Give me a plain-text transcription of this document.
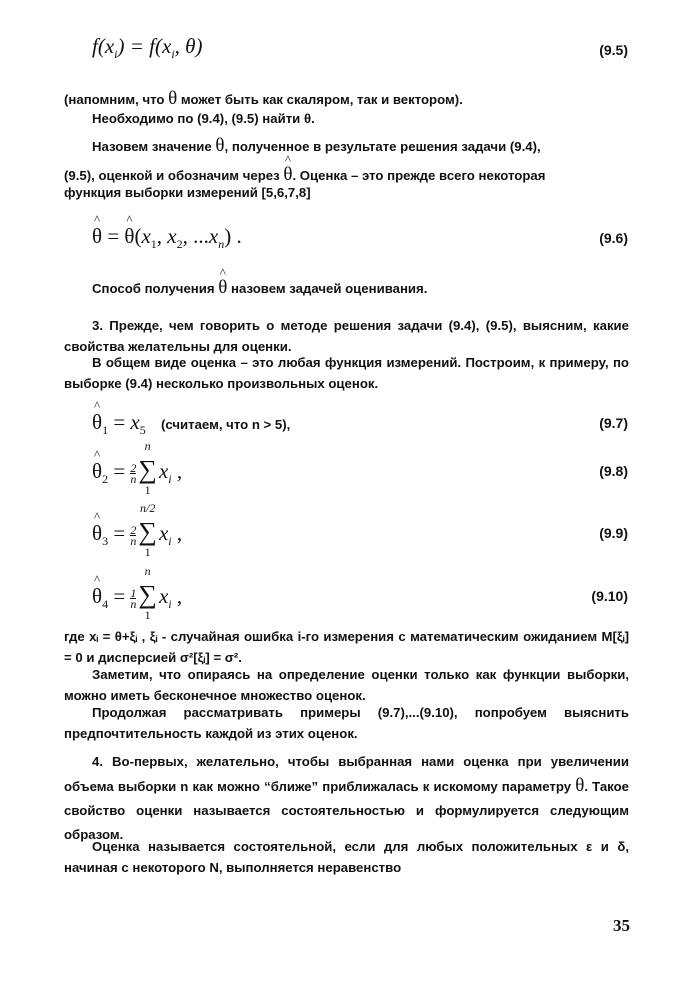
$f(x_i) = f(x_i$, θ)	(9.5)
(напомним, что θ может быть как скаляром, так и вектором).
Необходимо по (9.4), (9.5) найти θ.
Назовем значение θ, полученное в результате решения задачи (9.4),
(9.5), оценкой и обозначим через ^ θ. Оценка – это прежде всего некоторая
функция выборки измерений [5,6,7,8]
^ θ = ^ $\theta(x_1$, $x_2$, $...x_n$) .	(9.6)
Способ получения ^ θ назовем задачей оценивания.
3. Прежде, чем говорить о методе решения задачи (9.4), (9.5), выясним, какие свойства желательны для оценки.
В общем виде оценка – это любая функция измерений. Построим, к примеру, по выборке (9.4) несколько произвольных оценок.
^ $\theta_1 = x_5$ (считаем, что n > 5),	(9.7)
^ $\theta_2 = \frac{2}{n}$ ∑
n
1
$x_i$ ,	(9.8)
^ $\theta_3 = \frac{2}{n}$ ∑
n/2
1
$x_i$ ,	(9.9)
^ $\theta_4 = \frac{1}{n}$ ∑
n
1
$x_i$ ,	(9.10)
где xᵢ = θ+ξᵢ , ξᵢ - случайная ошибка i-го измерения с математическим ожиданием M[ξᵢ] = 0 и дисперсией σ²[ξᵢ] = σ².
Заметим, что опираясь на определение оценки только как функции выборки, можно иметь бесконечное множество оценок.
Продолжая рассматривать примеры (9.7),...(9.10), попробуем выяснить предпочтительность каждой из этих оценок.
4. Во-первых, желательно, чтобы выбранная нами оценка при увеличении объема выборки n как можно “ближе” приближалась к искомому параметру θ. Такое свойство оценки называется состоятельностью и формулируется следующим образом.
Оценка называется состоятельной, если для любых положительных ε и δ, начиная с некоторого N, выполняется неравенство
35
